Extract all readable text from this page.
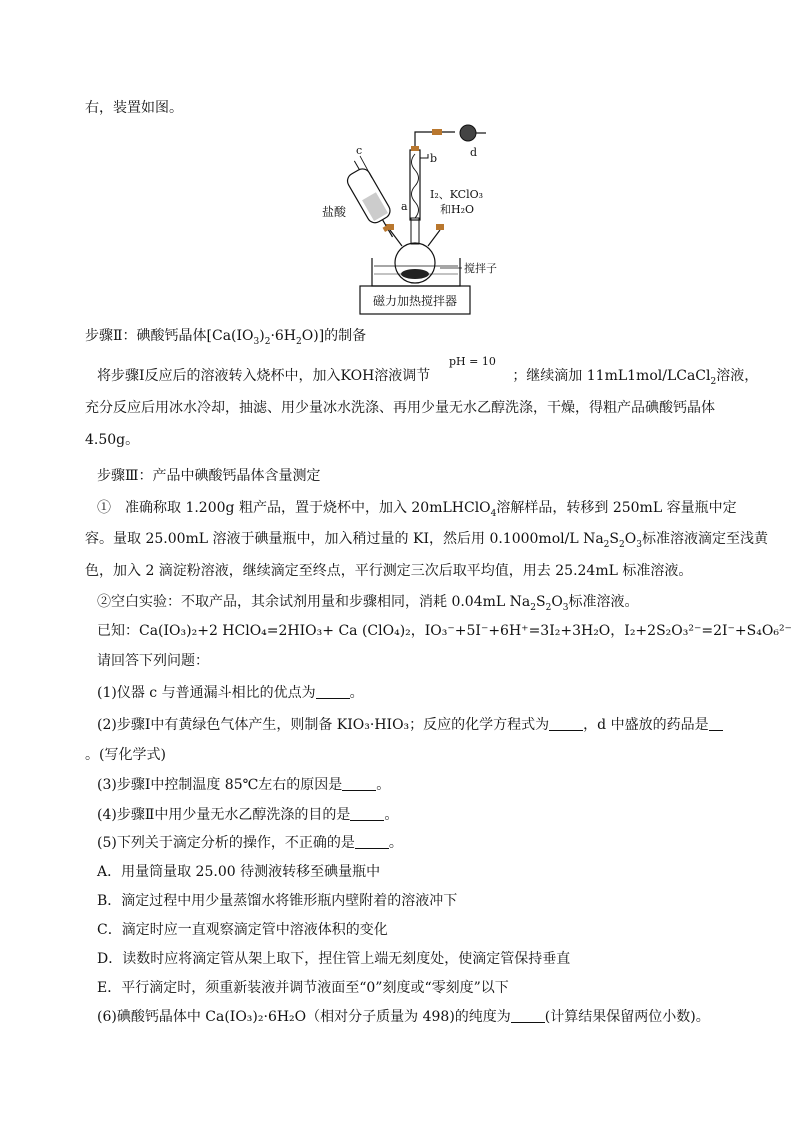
右，装置如图。
磁力加热搅拌器
搅拌子
b
a
d
c
盐酸
I₂、KClO₃
和H₂O
步骤Ⅱ：碘酸钙晶体$[Ca(IO_3)_2\cdot 6H_2O)$]的制备
pH = 10
将步骤Ⅰ反应后的溶液转入烧杯中，加入KOH溶液调节	；继续滴加 11mL1mol/LCaCl$_2$溶液，
充分反应后用冰水冷却，抽滤、用少量冰水洗涤、再用少量无水乙醇洗涤，干燥，得粗产品碘酸钙晶体
4.50g。
步骤Ⅲ：产品中碘酸钙晶体含量测定
①　准确称取 1.200g 粗产品，置于烧杯中，加入 20mLHClO$_4$溶解样品，转移到 250mL 容量瓶中定
容。量取 25.00mL 溶液于碘量瓶中，加入稍过量的 KI，然后用 0.1000mol/L $Na_2S_2O_3$标准溶液滴定至浅黄
色，加入 2 滴淀粉溶液，继续滴定至终点，平行测定三次后取平均值，用去 25.24mL 标准溶液。
②空白实验：不取产品，其余试剂用量和步骤相同，消耗 0.04mL $Na_2S_2O_3$标准溶液。
已知：Ca(IO₃)₂+2 HClO₄=2HIO₃+ Ca (ClO₄)₂，IO₃⁻+5I⁻+6H⁺=3I₂+3H₂O，I₂+2S₂O₃²⁻=2I⁻+S₄O₆²⁻
请回答下列问题：
(1)仪器 c 与普通漏斗相比的优点为 。
(2)步骤Ⅰ中有黄绿色气体产生，则制备 KIO₃·HIO₃；反应的化学方程式为 ，d 中盛放的药品是
。(写化学式)
(3)步骤Ⅰ中控制温度 85℃左右的原因是 。
(4)步骤Ⅱ中用少量无水乙醇洗涤的目的是 。
(5)下列关于滴定分析的操作，不正确的是 。
A．用量筒量取 25.00 待测液转移至碘量瓶中
B．滴定过程中用少量蒸馏水将锥形瓶内壁附着的溶液冲下
C．滴定时应一直观察滴定管中溶液体积的变化
D．读数时应将滴定管从架上取下，捏住管上端无刻度处，使滴定管保持垂直
E．平行滴定时，须重新装液并调节液面至“0”刻度或“零刻度”以下
(6)碘酸钙晶体中 Ca(IO₃)₂·6H₂O（相对分子质量为 498)的纯度为 (计算结果保留两位小数)。
